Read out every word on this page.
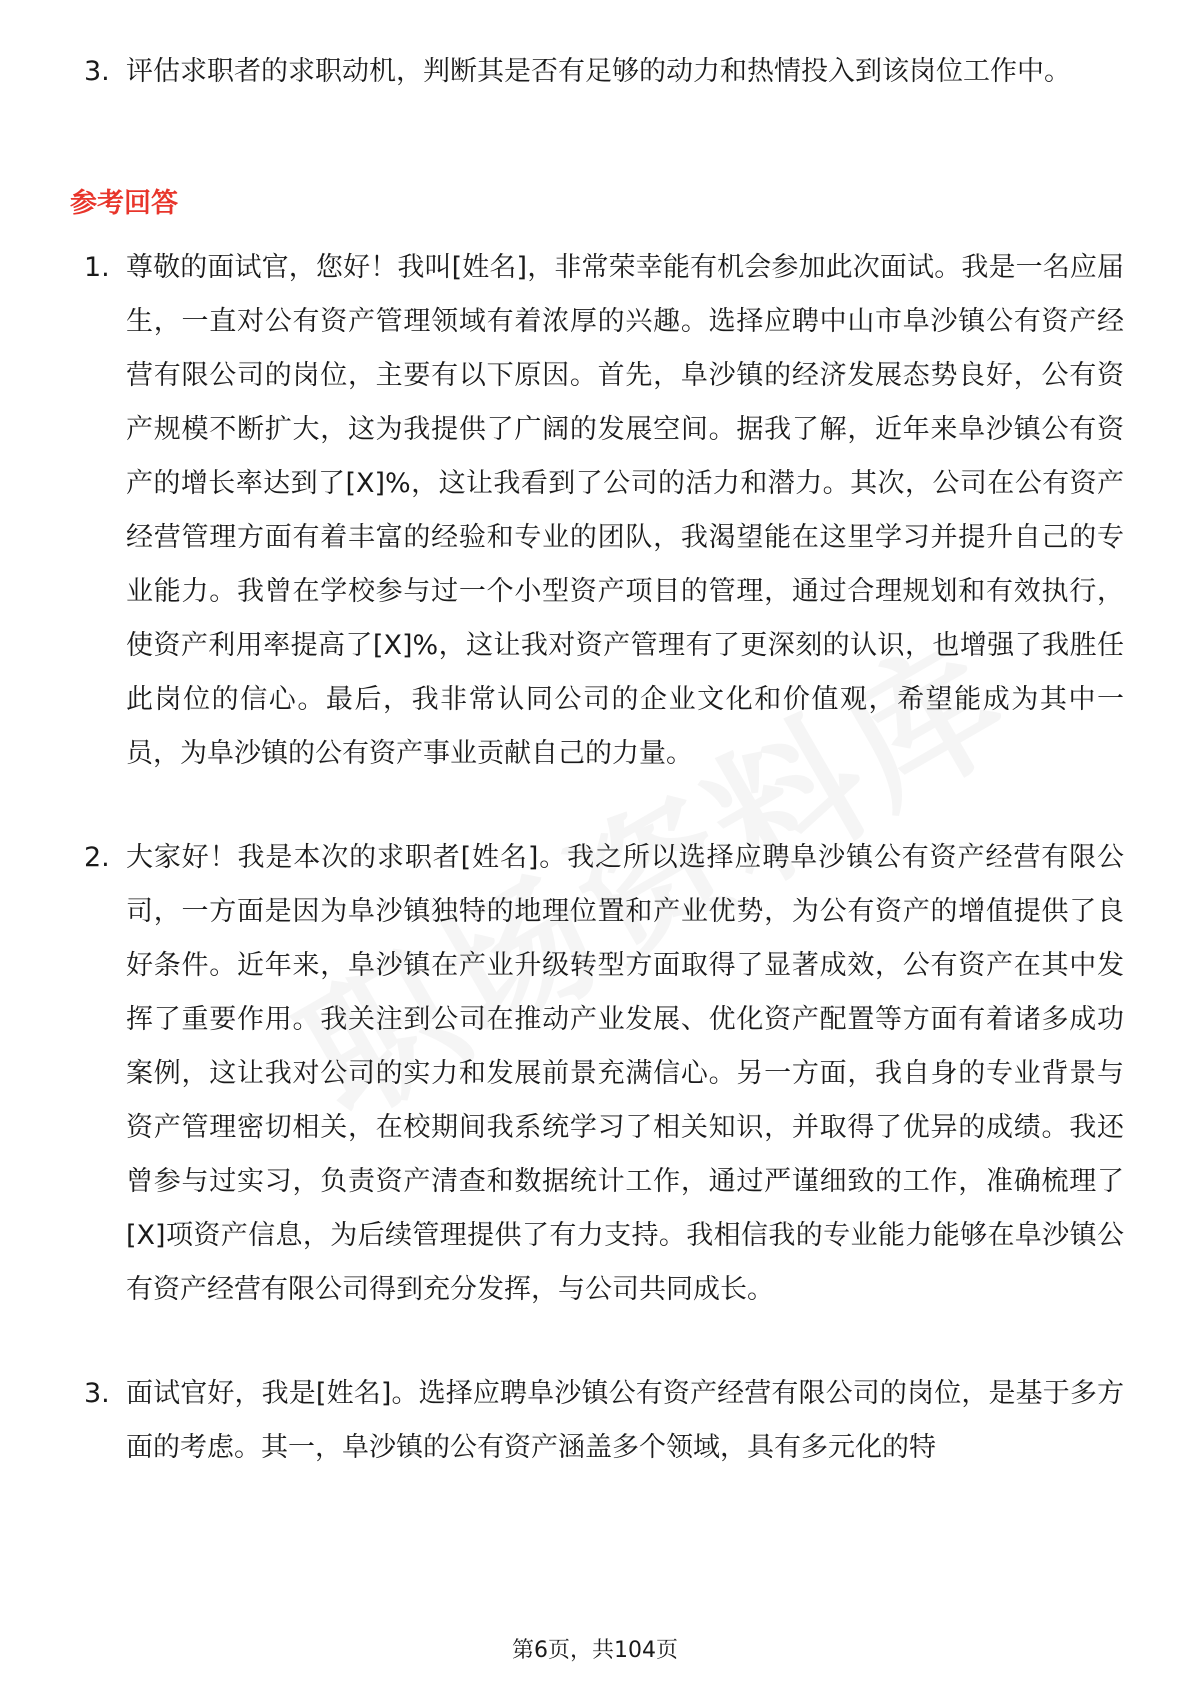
3. 评估求职者的求职动机，判断其是否有足够的动力和热情投入到该岗位工作中。
参考回答
1. 尊敬的面试官，您好！我叫[姓名]，非常荣幸能有机会参加此次面试。我是一名应届生，一直对公有资产管理领域有着浓厚的兴趣。选择应聘中山市阜沙镇公有资产经营有限公司的岗位，主要有以下原因。首先，阜沙镇的经济发展态势良好，公有资产规模不断扩大，这为我提供了广阔的发展空间。据我了解，近年来阜沙镇公有资产的增长率达到了[X]%，这让我看到了公司的活力和潜力。其次，公司在公有资产经营管理方面有着丰富的经验和专业的团队，我渴望能在这里学习并提升自己的专业能力。我曾在学校参与过一个小型资产项目的管理，通过合理规划和有效执行，使资产利用率提高了[X]%，这让我对资产管理有了更深刻的认识，也增强了我胜任此岗位的信心。最后，我非常认同公司的企业文化和价值观，希望能成为其中一员，为阜沙镇的公有资产事业贡献自己的力量。
2. 大家好！我是本次的求职者[姓名]。我之所以选择应聘阜沙镇公有资产经营有限公司，一方面是因为阜沙镇独特的地理位置和产业优势，为公有资产的增值提供了良好条件。近年来，阜沙镇在产业升级转型方面取得了显著成效，公有资产在其中发挥了重要作用。我关注到公司在推动产业发展、优化资产配置等方面有着诸多成功案例，这让我对公司的实力和发展前景充满信心。另一方面，我自身的专业背景与资产管理密切相关，在校期间我系统学习了相关知识，并取得了优异的成绩。我还曾参与过实习，负责资产清查和数据统计工作，通过严谨细致的工作，准确梳理了[X]项资产信息，为后续管理提供了有力支持。我相信我的专业能力能够在阜沙镇公有资产经营有限公司得到充分发挥，与公司共同成长。
3. 面试官好，我是[姓名]。选择应聘阜沙镇公有资产经营有限公司的岗位，是基于多方面的考虑。其一，阜沙镇的公有资产涵盖多个领域，具有多元化的特
第6页，共104页
